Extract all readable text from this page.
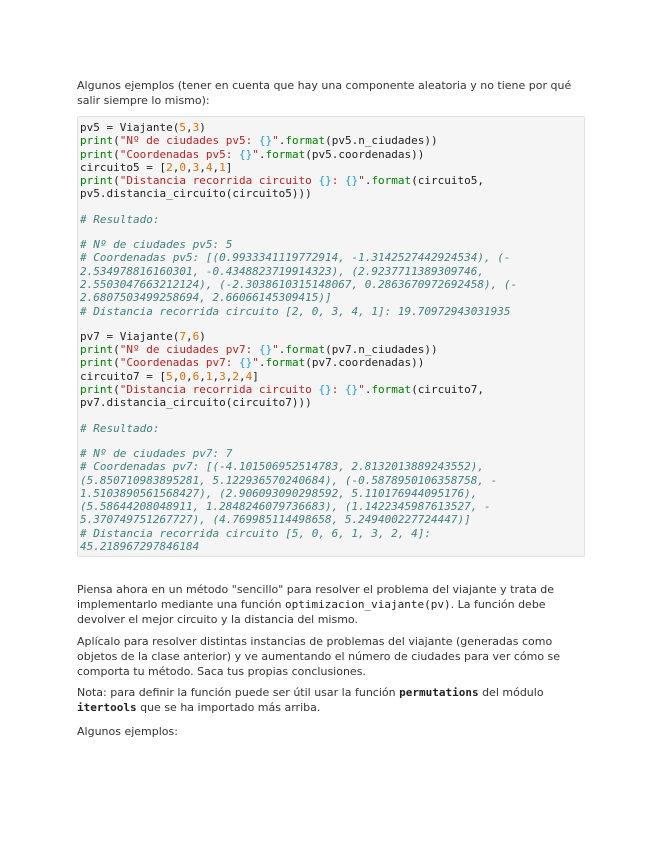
Algunos ejemplos (tener en cuenta que hay una componente aleatoria y no tiene por qué salir siempre lo mismo):

pv5 = Viajante(5,3)
print("Nº de ciudades pv5: {}".format(pv5.n_ciudades))
print("Coordenadas pv5: {}".format(pv5.coordenadas))
circuito5 = [2,0,3,4,1]
print("Distancia recorrida circuito {}: {}".format(circuito5,
pv5.distancia_circuito(circuito5)))
# Resultado:
# Nº de ciudades pv5: 5
# Coordenadas pv5: [(0.9933341119772914, -1.3142527442924534), (-
2.534978816160301, -0.4348823719914323), (2.9237711389309746,
2.5503047663212124), (-2.3038610315148067, 0.2863670972692458), (-
2.6807503499258694, 2.66066145309415)]
# Distancia recorrida circuito [2, 0, 3, 4, 1]: 19.70972943031935
pv7 = Viajante(7,6)
print("Nº de ciudades pv7: {}".format(pv7.n_ciudades))
print("Coordenadas pv7: {}".format(pv7.coordenadas))
circuito7 = [5,0,6,1,3,2,4]
print("Distancia recorrida circuito {}: {}".format(circuito7,
pv7.distancia_circuito(circuito7)))
# Resultado:
# Nº de ciudades pv7: 7
# Coordenadas pv7: [(-4.101506952514783, 2.8132013889243552),
(5.850710983895281, 5.122936570240684), (-0.5878950106358758, -
1.5103890561568427), (2.906093090298592, 5.110176944095176),
(5.58644208048911, 1.2848246079736683), (1.1422345987613527, -
5.370749751267727), (4.769985114498658, 5.249400227724447)]
# Distancia recorrida circuito [5, 0, 6, 1, 3, 2, 4]:
45.218967297846184

Piensa ahora en un método "sencillo" para resolver el problema del viajante y trata de implementarlo mediante una función optimizacion_viajante(pv). La función debe devolver el mejor circuito y la distancia del mismo.

Aplícalo para resolver distintas instancias de problemas del viajante (generadas como objetos de la clase anterior) y ve aumentando el número de ciudades para ver cómo se comporta tu método. Saca tus propias conclusiones.

Nota: para definir la función puede ser útil usar la función permutations del módulo itertools que se ha importado más arriba.

Algunos ejemplos:
